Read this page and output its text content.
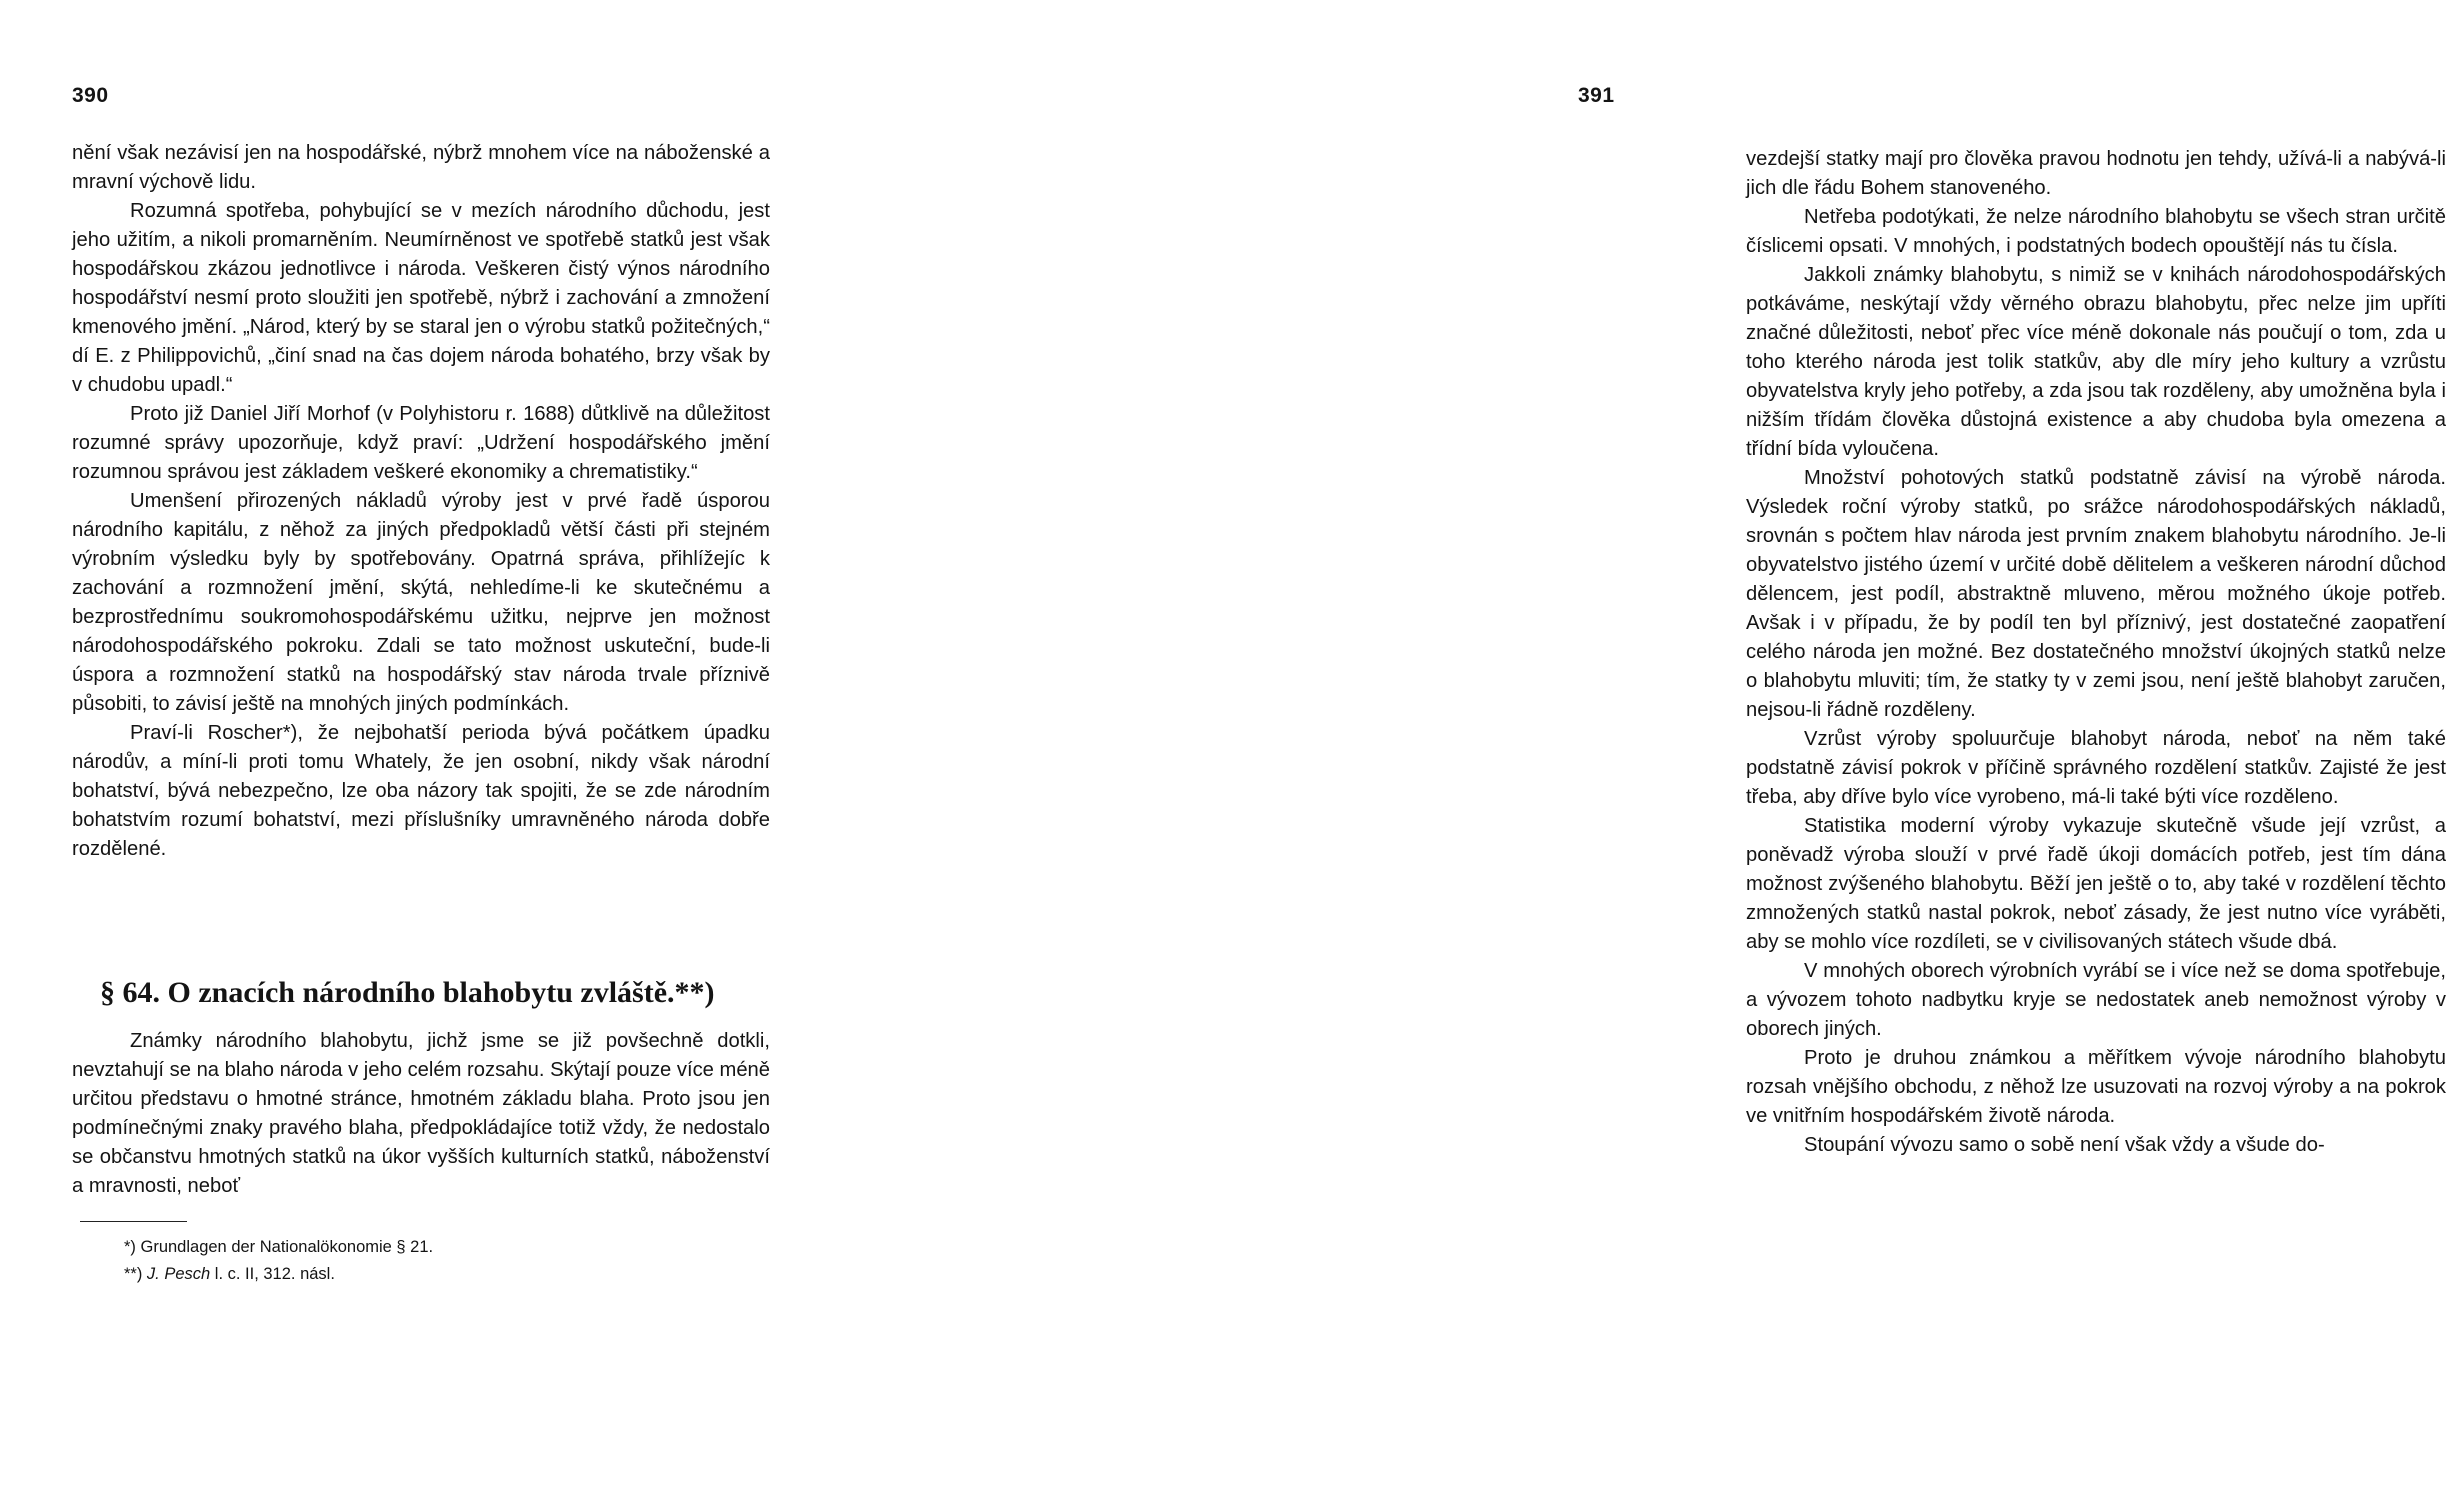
390

nění však nezávisí jen na hospodářské, nýbrž mnohem více na náboženské a mravní výchově lidu.

Rozumná spotřeba, pohybující se v mezích národního důchodu, jest jeho užitím, a nikoli promarněním. Neumírněnost ve spotřebě statků jest však hospodářskou zkázou jednotlivce i národa. Veškeren čistý výnos národního hospodářství nesmí proto sloužiti jen spotřebě, nýbrž i zachování a zmnožení kmenového jmění. „Národ, který by se staral jen o výrobu statků požitečných,“ dí E. z Philippovichů, „činí snad na čas dojem národa bohatého, brzy však by v chudobu upadl.“

Proto již Daniel Jiří Morhof (v Polyhistoru r. 1688) důtklivě na důležitost rozumné správy upozorňuje, když praví: „Udržení hospodářského jmění rozumnou správou jest základem veškeré ekonomiky a chrematistiky.“

Umenšení přirozených nákladů výroby jest v prvé řadě úsporou národního kapitálu, z něhož za jiných předpokladů větší části při stejném výrobním výsledku byly by spotřebovány. Opatrná správa, přihlížejíc k zachování a rozmnožení jmění, skýtá, nehledíme-li ke skutečnému a bezprostřednímu soukromohospodářskému užitku, nejprve jen možnost národohospodářského pokroku. Zdali se tato možnost uskuteční, bude-li úspora a rozmnožení statků na hospodářský stav národa trvale příznivě působiti, to závisí ještě na mnohých jiných podmínkách.

Praví-li Roscher*), že nejbohatší perioda bývá počátkem úpadku národův, a míní-li proti tomu Whately, že jen osobní, nikdy však národní bohatství, bývá nebezpečno, lze oba názory tak spojiti, že se zde národním bohatstvím rozumí bohatství, mezi příslušníky umravněného národa dobře rozdělené.

§ 64. O znacích národního blahobytu zvláště.**)

Známky národního blahobytu, jichž jsme se již povšechně dotkli, nevztahují se na blaho národa v jeho celém rozsahu. Skýtají pouze více méně určitou představu o hmotné stránce, hmotném základu blaha. Proto jsou jen podmínečnými znaky pravého blaha, předpokládajíce totiž vždy, že nedostalo se občanstvu hmotných statků na úkor vyšších kulturních statků, náboženství a mravnosti, neboť

*) Grundlagen der Nationalökonomie § 21.

**) J. Pesch l. c. II, 312. násl.

391

vezdejší statky mají pro člověka pravou hodnotu jen tehdy, užívá-li a nabývá-li jich dle řádu Bohem stanoveného.

Netřeba podotýkati, že nelze národního blahobytu se všech stran určitě číslicemi opsati. V mnohých, i podstatných bodech opouštějí nás tu čísla.

Jakkoli známky blahobytu, s nimiž se v knihách národohospodářských potkáváme, neskýtají vždy věrného obrazu blahobytu, přec nelze jim upříti značné důležitosti, neboť přec více méně dokonale nás poučují o tom, zda u toho kterého národa jest tolik statkův, aby dle míry jeho kultury a vzrůstu obyvatelstva kryly jeho potřeby, a zda jsou tak rozděleny, aby umožněna byla i nižším třídám člověka důstojná existence a aby chudoba byla omezena a třídní bída vyloučena.

Množství pohotových statků podstatně závisí na výrobě národa. Výsledek roční výroby statků, po srážce národohospodářských nákladů, srovnán s počtem hlav národa jest prvním znakem blahobytu národního. Je-li obyvatelstvo jistého území v určité době dělitelem a veškeren národní důchod dělencem, jest podíl, abstraktně mluveno, měrou možného úkoje potřeb. Avšak i v případu, že by podíl ten byl příznivý, jest dostatečné zaopatření celého národa jen možné. Bez dostatečného množství úkojných statků nelze o blahobytu mluviti; tím, že statky ty v zemi jsou, není ještě blahobyt zaručen, nejsou-li řádně rozděleny.

Vzrůst výroby spoluurčuje blahobyt národa, neboť na něm také podstatně závisí pokrok v příčině správného rozdělení statkův. Zajisté že jest třeba, aby dříve bylo více vyrobeno, má-li také býti více rozděleno.

Statistika moderní výroby vykazuje skutečně všude její vzrůst, a poněvadž výroba slouží v prvé řadě úkoji domácích potřeb, jest tím dána možnost zvýšeného blahobytu. Běží jen ještě o to, aby také v rozdělení těchto zmnožených statků nastal pokrok, neboť zásady, že jest nutno více vyráběti, aby se mohlo více rozdíleti, se v civilisovaných státech všude dbá.

V mnohých oborech výrobních vyrábí se i více než se doma spotřebuje, a vývozem tohoto nadbytku kryje se nedostatek aneb nemožnost výroby v oborech jiných.

Proto je druhou známkou a měřítkem vývoje národního blahobytu rozsah vnějšího obchodu, z něhož lze usuzovati na rozvoj výroby a na pokrok ve vnitřním hospodářském životě národa.

Stoupání vývozu samo o sobě není však vždy a všude do-
